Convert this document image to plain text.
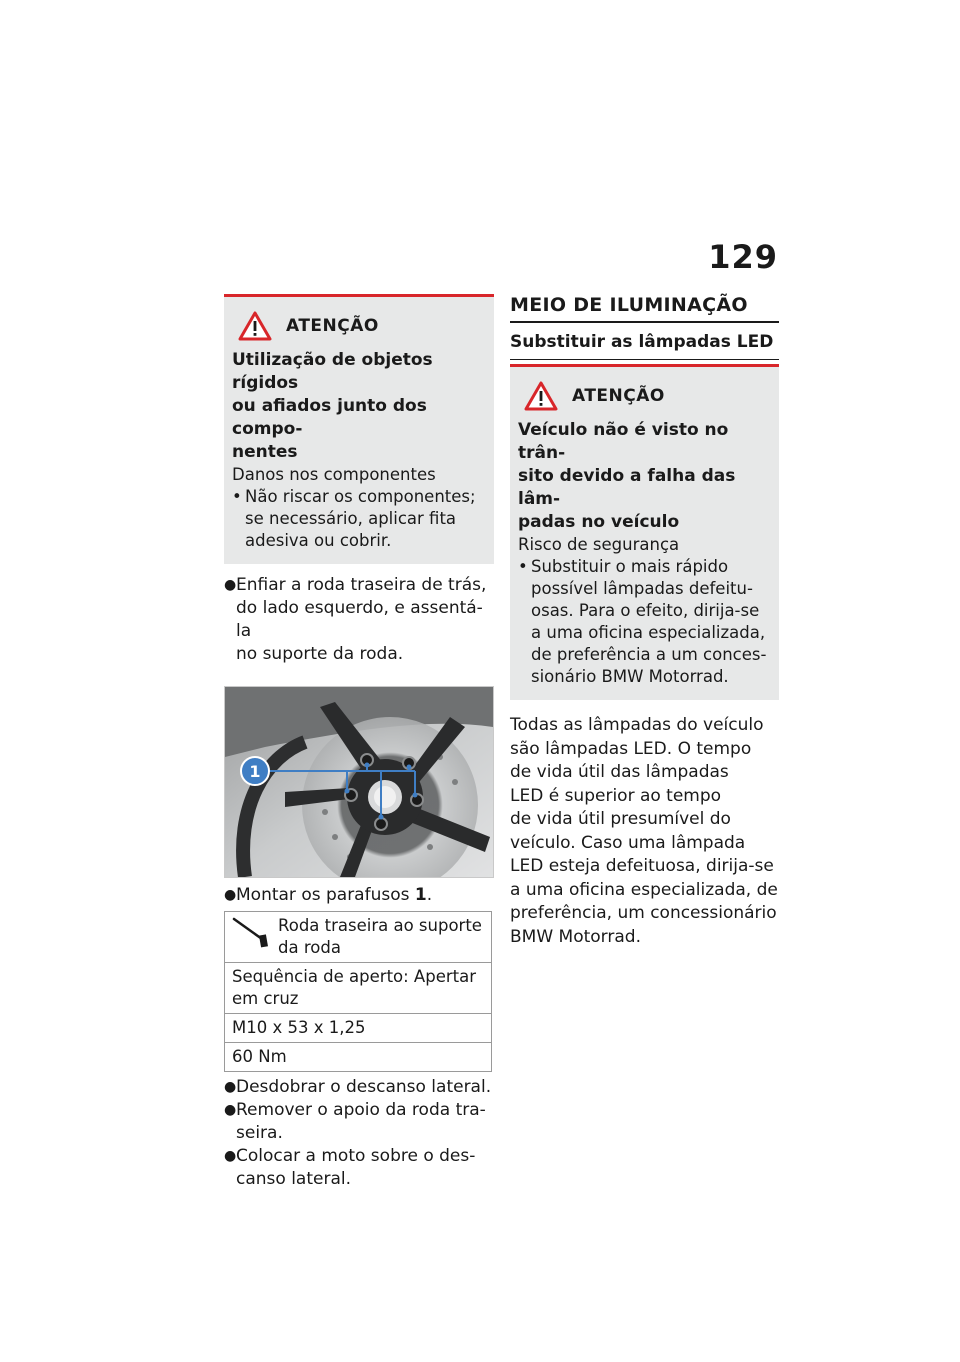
129
ATENÇÃO
Utilização de objetos rígidos
ou afiados junto dos compo-
nentes
Danos nos componentes
• Não riscar os componentes;
se necessário, aplicar fita
adesiva ou cobrir.
● Enfiar a roda traseira de trás,
do lado esquerdo, e assentá-la
no suporte da roda.
1
● Montar os parafusos 1.
Roda traseira ao suporte
da roda

Sequência de aperto: Apertar
em cruz

M10 x 53 x 1,25
60 Nm
● Desdobrar o descanso lateral.
● Remover o apoio da roda tra-
seira.
● Colocar a moto sobre o des-
canso lateral.
MEIO DE ILUMINAÇÃO
Substituir as lâmpadas LED
ATENÇÃO
Veículo não é visto no trân-
sito devido a falha das lâm-
padas no veículo
Risco de segurança
• Substituir o mais rápido
possível lâmpadas defeitu-
osas. Para o efeito, dirija-se
a uma oficina especializada,
de preferência a um conces-
sionário BMW Motorrad.
Todas as lâmpadas do veículo
são lâmpadas LED. O tempo
de vida útil das lâmpadas
LED é superior ao tempo
de vida útil presumível do
veículo. Caso uma lâmpada
LED esteja defeituosa, dirija-se
a uma oficina especializada, de
preferência, um concessionário
BMW Motorrad.
